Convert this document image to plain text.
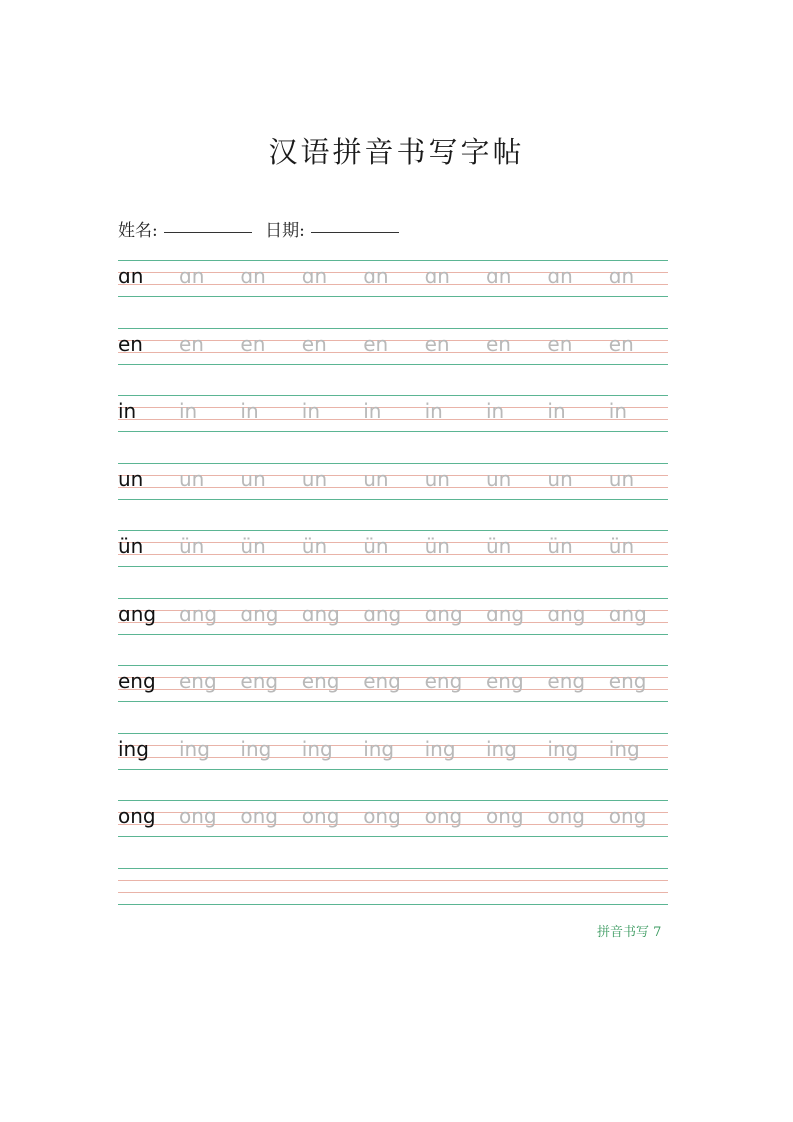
汉语拼音书写字帖
姓名:	日期:
ɑn ɑn ɑn ɑn ɑn ɑn ɑn ɑn ɑn
en en en en en en en en en
in in in in in in in in in
un un un un un un un un un
ün ün ün ün ün ün ün ün ün
ɑng ɑng ɑng ɑng ɑng ɑng ɑng ɑng ɑng
eng eng eng eng eng eng eng eng eng
ing ing ing ing ing ing ing ing ing
ong ong ong ong ong ong ong ong ong
拼音书写 7
